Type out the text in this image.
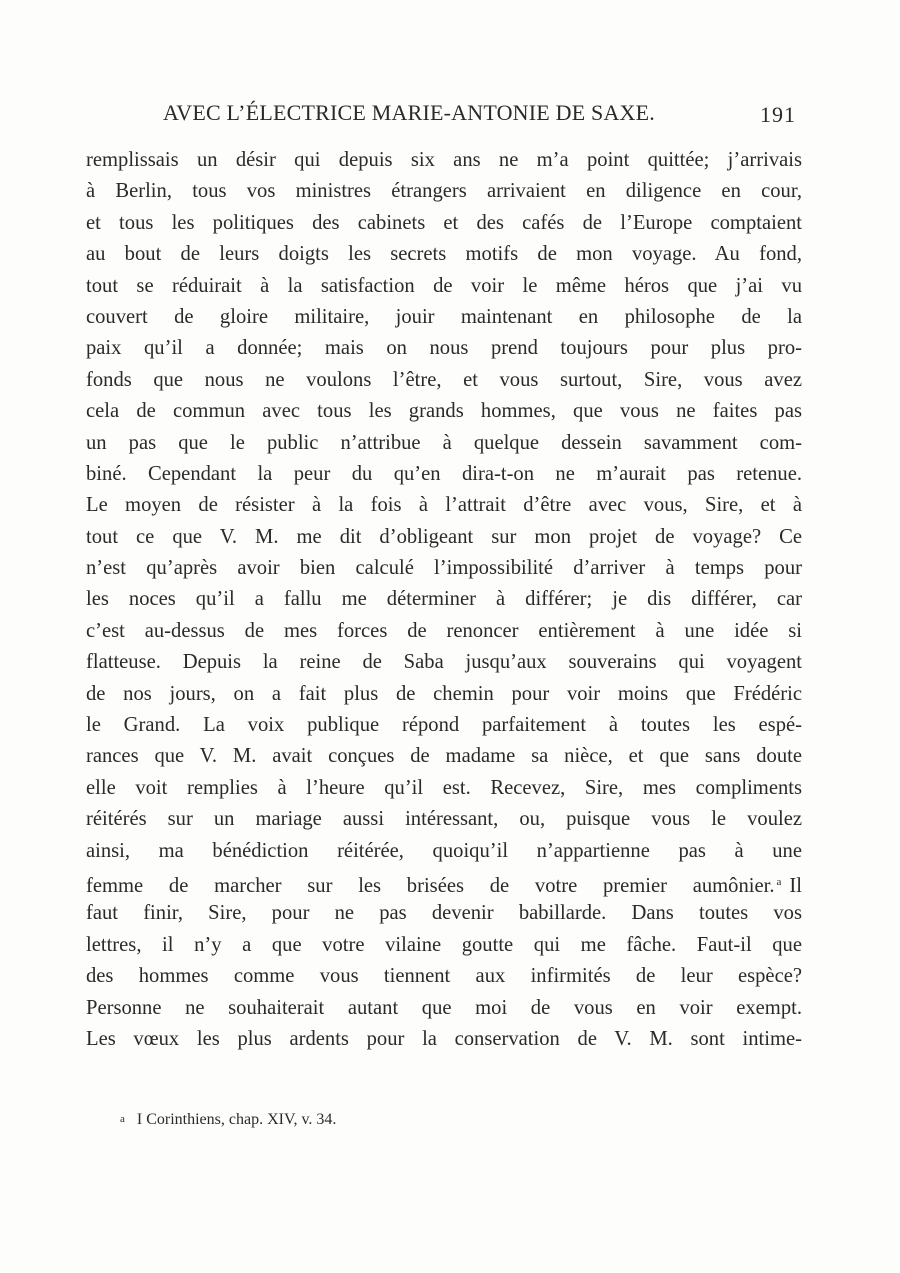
AVEC L’ÉLECTRICE MARIE-ANTONIE DE SAXE.	191
remplissais un désir qui depuis six ans ne m’a point quittée; j’arrivais
à Berlin, tous vos ministres étrangers arrivaient en diligence en cour,
et tous les politiques des cabinets et des cafés de l’Europe comptaient
au bout de leurs doigts les secrets motifs de mon voyage. Au fond,
tout se réduirait à la satisfaction de voir le même héros que j’ai vu
couvert de gloire militaire, jouir maintenant en philosophe de la
paix qu’il a donnée; mais on nous prend toujours pour plus pro-
fonds que nous ne voulons l’être, et vous surtout, Sire, vous avez
cela de commun avec tous les grands hommes, que vous ne faites pas
un pas que le public n’attribue à quelque dessein savamment com-
biné. Cependant la peur du qu’en dira-t-on ne m’aurait pas retenue.
Le moyen de résister à la fois à l’attrait d’être avec vous, Sire, et à
tout ce que V. M. me dit d’obligeant sur mon projet de voyage? Ce
n’est qu’après avoir bien calculé l’impossibilité d’arriver à temps pour
les noces qu’il a fallu me déterminer à différer; je dis différer, car
c’est au-dessus de mes forces de renoncer entièrement à une idée si
flatteuse. Depuis la reine de Saba jusqu’aux souverains qui voyagent
de nos jours, on a fait plus de chemin pour voir moins que Frédéric
le Grand. La voix publique répond parfaitement à toutes les espé-
rances que V. M. avait conçues de madame sa nièce, et que sans doute
elle voit remplies à l’heure qu’il est. Recevez, Sire, mes compliments
réitérés sur un mariage aussi intéressant, ou, puisque vous le voulez
ainsi, ma bénédiction réitérée, quoiqu’il n’appartienne pas à une
femme de marcher sur les brisées de votre premier aumônier. $^a$ Il
faut finir, Sire, pour ne pas devenir babillarde. Dans toutes vos
lettres, il n’y a que votre vilaine goutte qui me fâche. Faut-il que
des hommes comme vous tiennent aux infirmités de leur espèce?
Personne ne souhaiterait autant que moi de vous en voir exempt.
Les vœux les plus ardents pour la conservation de V. M. sont intime-
a I Corinthiens, chap. XIV, v. 34.
